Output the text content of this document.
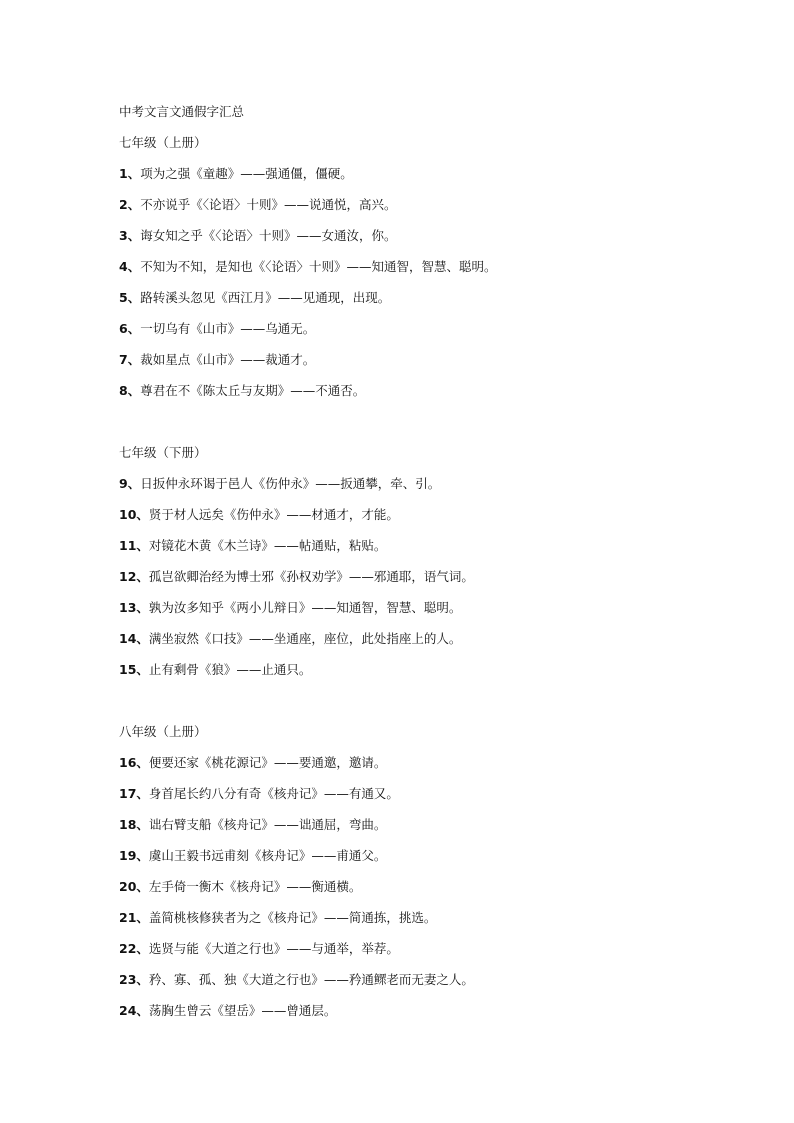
中考文言文通假字汇总
七年级（上册）
1、项为之强《童趣》——强通僵，僵硬。
2、不亦说乎《〈论语〉十则》——说通悦，高兴。
3、诲女知之乎《〈论语〉十则》——女通汝，你。
4、不知为不知，是知也《〈论语〉十则》——知通智，智慧、聪明。
5、路转溪头忽见《西江月》——见通现，出现。
6、一切乌有《山市》——乌通无。
7、裁如星点《山市》——裁通才。
8、尊君在不《陈太丘与友期》——不通否。
七年级（下册）
9、日扳仲永环谒于邑人《伤仲永》——扳通攀，牵、引。
10、贤于材人远矣《伤仲永》——材通才，才能。
11、对镜花木黄《木兰诗》——帖通贴，粘贴。
12、孤岂欲卿治经为博士邪《孙权劝学》——邪通耶，语气词。
13、孰为汝多知乎《两小儿辩日》——知通智，智慧、聪明。
14、满坐寂然《口技》——坐通座，座位，此处指座上的人。
15、止有剩骨《狼》——止通只。
八年级（上册）
16、便要还家《桃花源记》——要通邀，邀请。
17、身首尾长约八分有奇《核舟记》——有通又。
18、诎右臂支船《核舟记》——诎通屈，弯曲。
19、虞山王毅书远甫刻《核舟记》——甫通父。
20、左手倚一衡木《核舟记》——衡通横。
21、盖简桃核修狭者为之《核舟记》——简通拣，挑选。
22、选贤与能《大道之行也》——与通举，举荐。
23、矜、寡、孤、独《大道之行也》——矜通鳏老而无妻之人。
24、荡胸生曾云《望岳》——曾通层。
